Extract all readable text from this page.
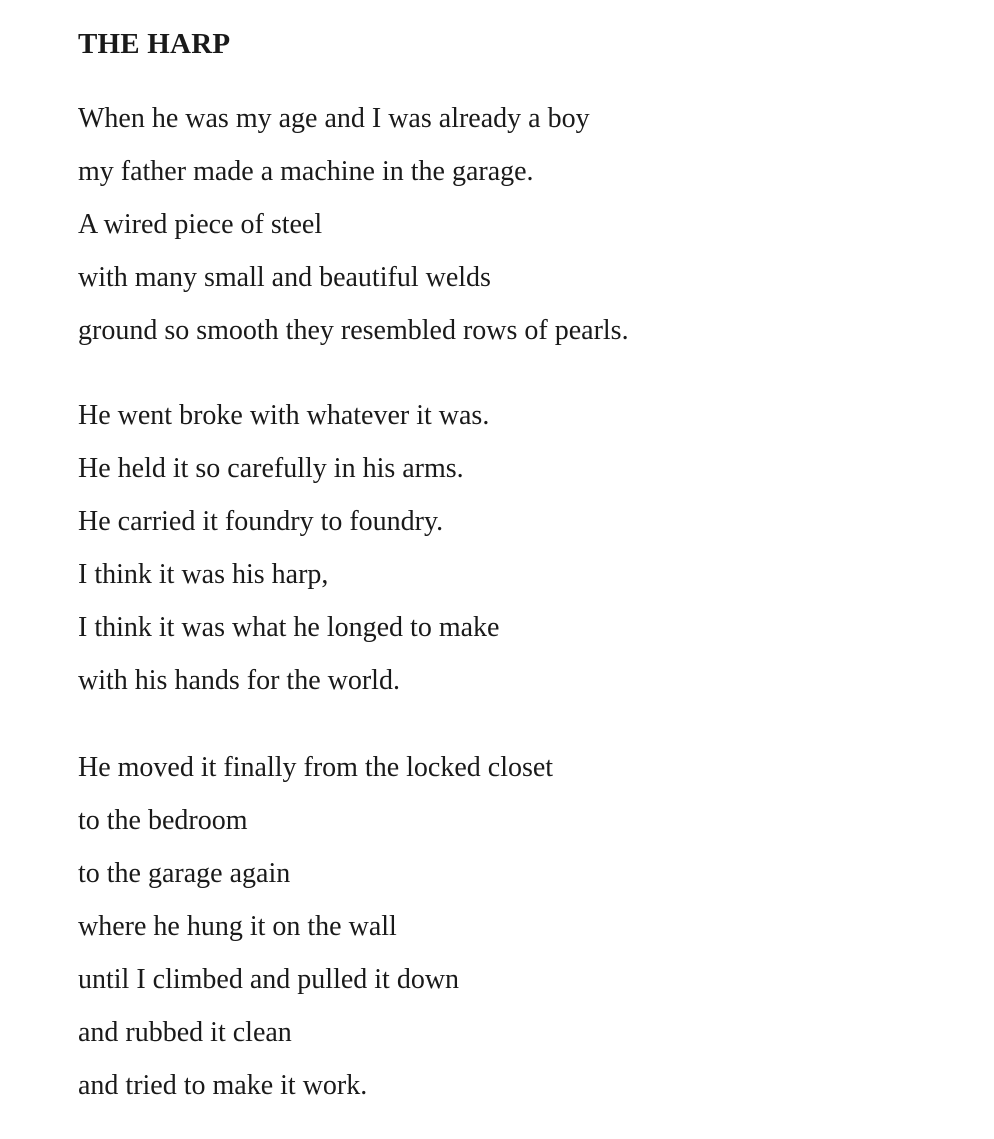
THE HARP
When he was my age and I was already a boy
my father made a machine in the garage.
A wired piece of steel
with many small and beautiful welds
ground so smooth they resembled rows of pearls.
He went broke with whatever it was.
He held it so carefully in his arms.
He carried it foundry to foundry.
I think it was his harp,
I think it was what he longed to make
with his hands for the world.
He moved it finally from the locked closet
to the bedroom
to the garage again
where he hung it on the wall
until I climbed and pulled it down
and rubbed it clean
and tried to make it work.
